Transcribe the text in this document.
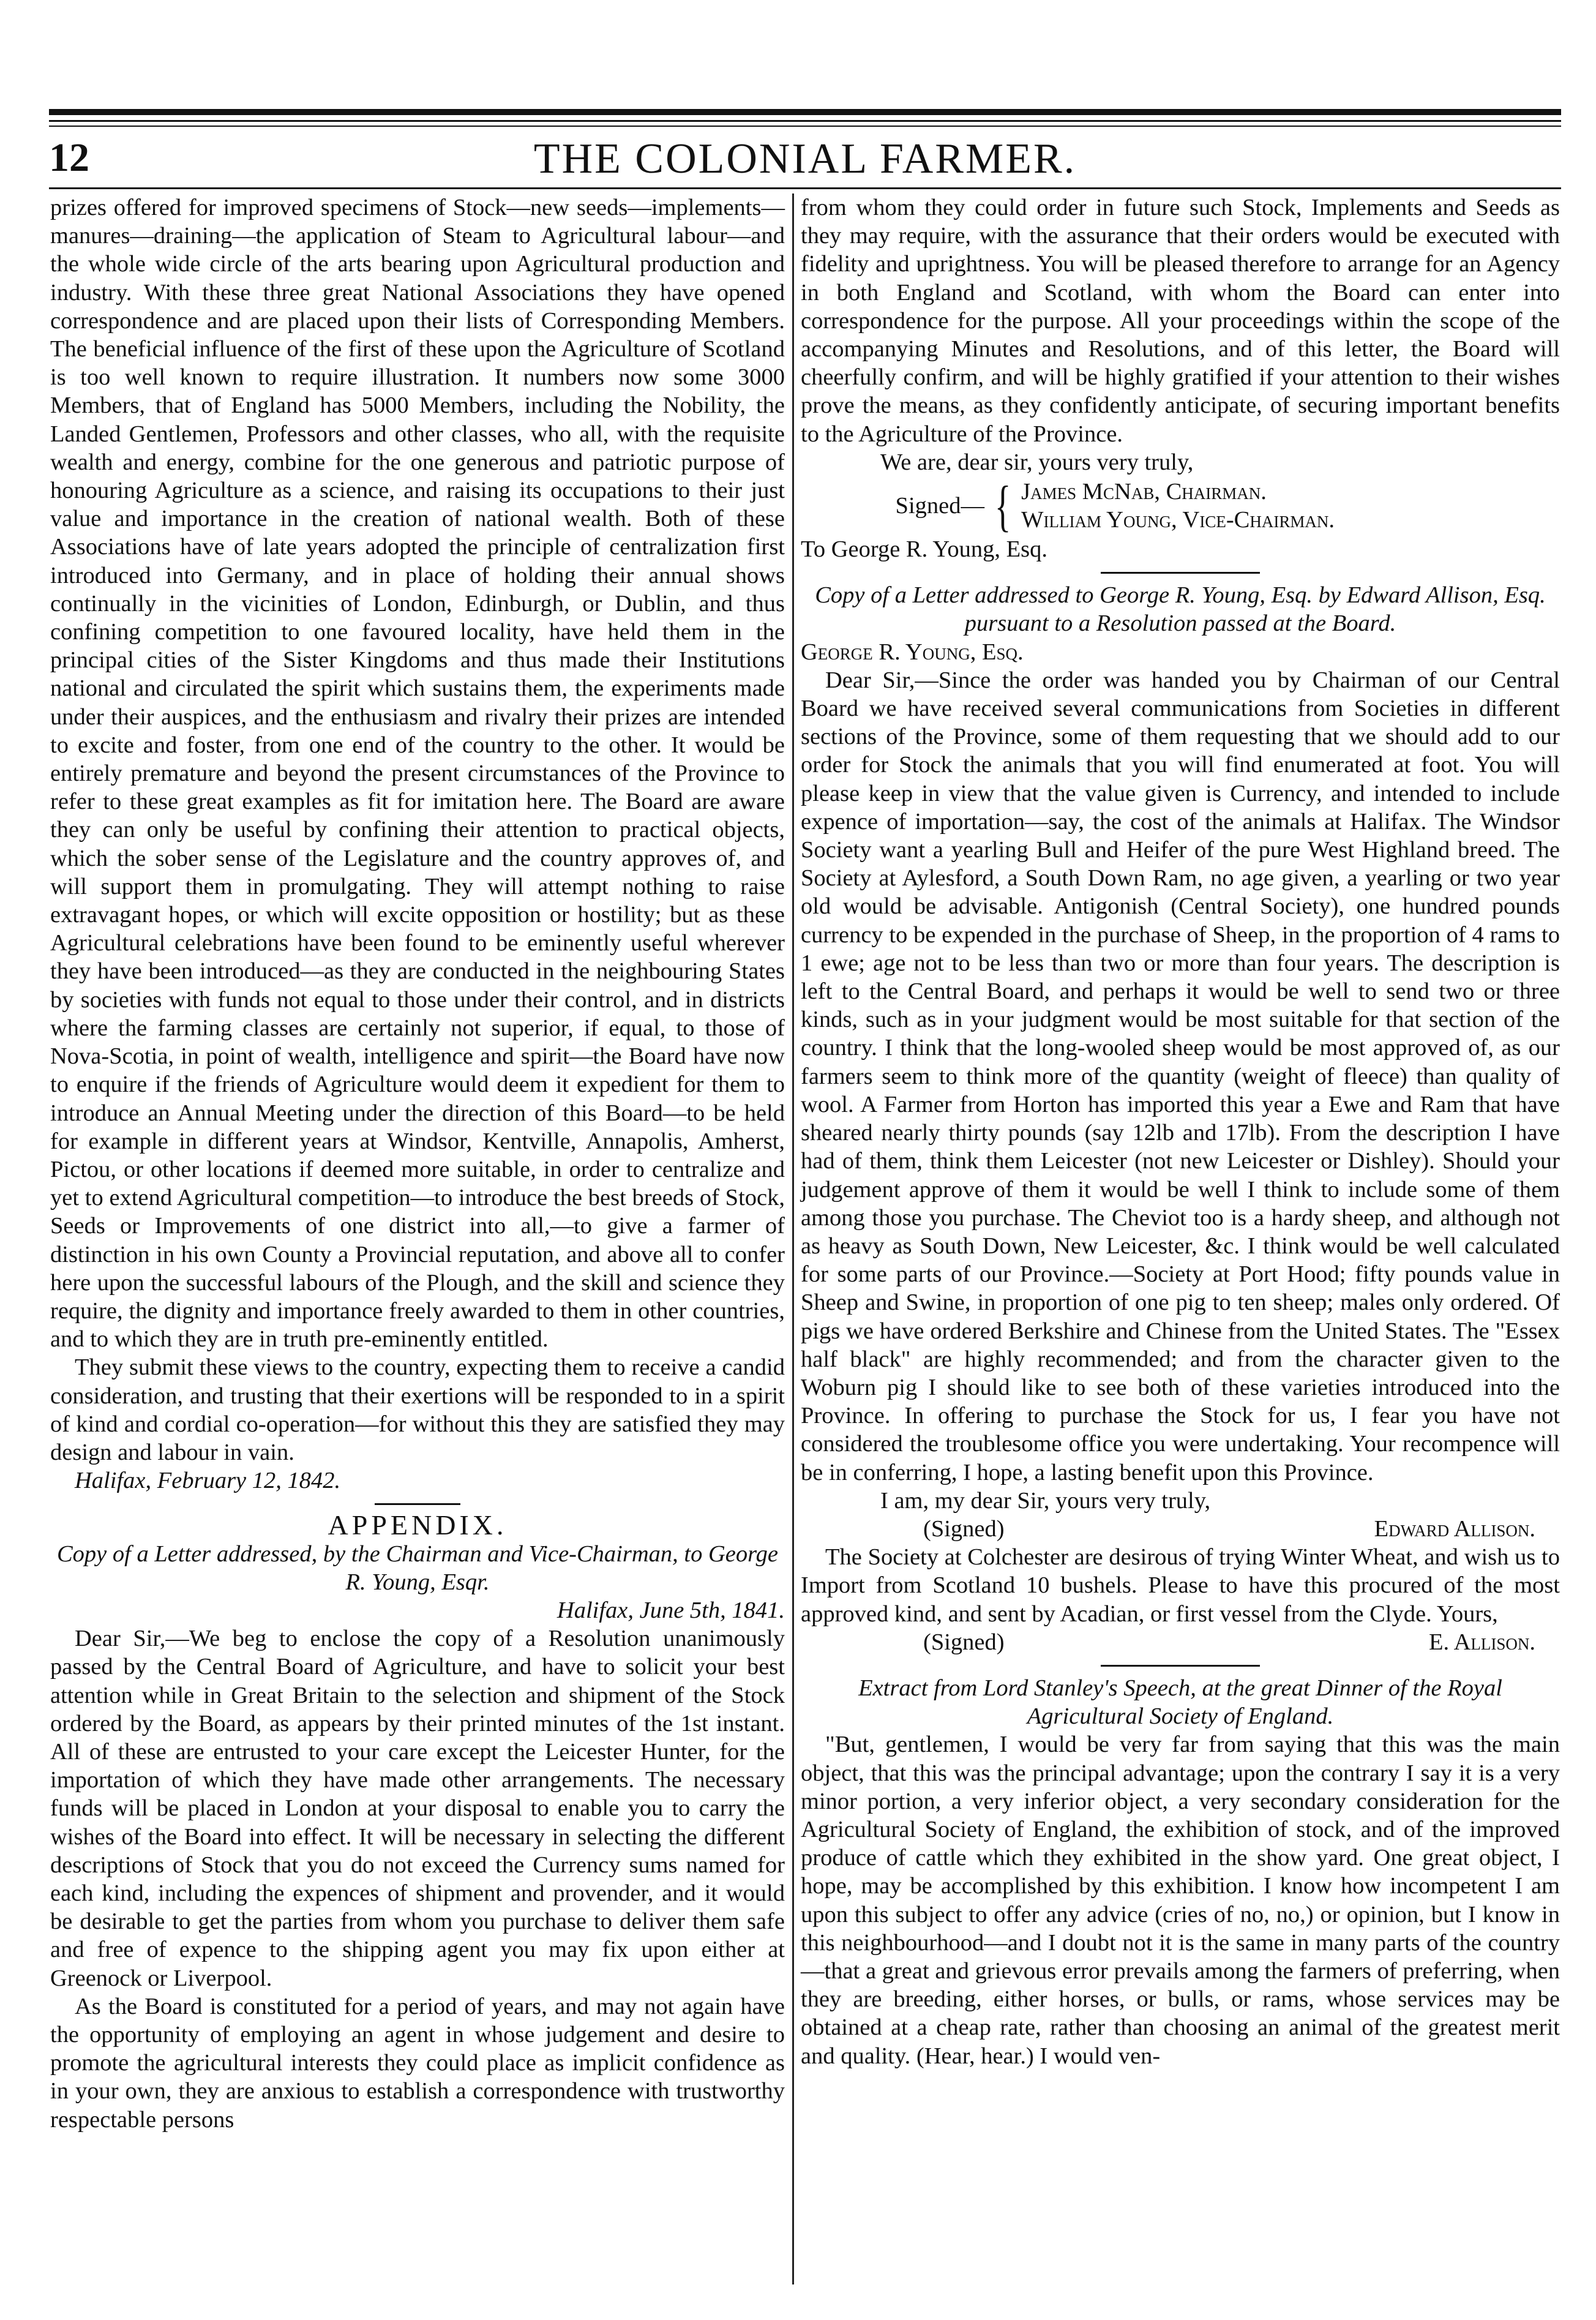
12	THE COLONIAL FARMER.

prizes offered for improved specimens of Stock—new seeds—implements—manures—draining—the application of Steam to Agricultural labour—and the whole wide circle of the arts bearing upon Agricultural production and industry. With these three great National Associations they have opened correspondence and are placed upon their lists of Corresponding Members. The beneficial influence of the first of these upon the Agriculture of Scotland is too well known to require illustration. It numbers now some 3000 Members, that of England has 5000 Members, including the Nobility, the Landed Gentlemen, Professors and other classes, who all, with the requisite wealth and energy, combine for the one generous and patriotic purpose of honouring Agriculture as a science, and raising its occupations to their just value and importance in the creation of national wealth. Both of these Associations have of late years adopted the principle of centralization first introduced into Germany, and in place of holding their annual shows continually in the vicinities of London, Edinburgh, or Dublin, and thus confining competition to one favoured locality, have held them in the principal cities of the Sister Kingdoms and thus made their Institutions national and circulated the spirit which sustains them, the experiments made under their auspices, and the enthusiasm and rivalry their prizes are intended to excite and foster, from one end of the country to the other. It would be entirely premature and beyond the present circumstances of the Province to refer to these great examples as fit for imitation here. The Board are aware they can only be useful by confining their attention to practical objects, which the sober sense of the Legislature and the country approves of, and will support them in promulgating. They will attempt nothing to raise extravagant hopes, or which will excite opposition or hostility; but as these Agricultural celebrations have been found to be eminently useful wherever they have been introduced—as they are conducted in the neighbouring States by societies with funds not equal to those under their control, and in districts where the farming classes are certainly not superior, if equal, to those of Nova-Scotia, in point of wealth, intelligence and spirit—the Board have now to enquire if the friends of Agriculture would deem it expedient for them to introduce an Annual Meeting under the direction of this Board—to be held for example in different years at Windsor, Kentville, Annapolis, Amherst, Pictou, or other locations if deemed more suitable, in order to centralize and yet to extend Agricultural competition—to introduce the best breeds of Stock, Seeds or Improvements of one district into all,—to give a farmer of distinction in his own County a Provincial reputation, and above all to confer here upon the successful labours of the Plough, and the skill and science they require, the dignity and importance freely awarded to them in other countries, and to which they are in truth pre-eminently entitled.

They submit these views to the country, expecting them to receive a candid consideration, and trusting that their exertions will be responded to in a spirit of kind and cordial co-operation—for without this they are satisfied they may design and labour in vain.

Halifax, February 12, 1842.

APPENDIX.

Copy of a Letter addressed, by the Chairman and Vice-Chairman, to George R. Young, Esqr.

Halifax, June 5th, 1841.

Dear Sir,—We beg to enclose the copy of a Resolution unanimously passed by the Central Board of Agriculture, and have to solicit your best attention while in Great Britain to the selection and shipment of the Stock ordered by the Board, as appears by their printed minutes of the 1st instant. All of these are entrusted to your care except the Leicester Hunter, for the importation of which they have made other arrangements. The necessary funds will be placed in London at your disposal to enable you to carry the wishes of the Board into effect. It will be necessary in selecting the different descriptions of Stock that you do not exceed the Currency sums named for each kind, including the expences of shipment and provender, and it would be desirable to get the parties from whom you purchase to deliver them safe and free of expence to the shipping agent you may fix upon either at Greenock or Liverpool.

As the Board is constituted for a period of years, and may not again have the opportunity of employing an agent in whose judgement and desire to promote the agricultural interests they could place as implicit confidence as in your own, they are anxious to establish a correspondence with trustworthy respectable persons

from whom they could order in future such Stock, Implements and Seeds as they may require, with the assurance that their orders would be executed with fidelity and uprightness. You will be pleased therefore to arrange for an Agency in both England and Scotland, with whom the Board can enter into correspondence for the purpose. All your proceedings within the scope of the accompanying Minutes and Resolutions, and of this letter, the Board will cheerfully confirm, and will be highly gratified if your attention to their wishes prove the means, as they confidently anticipate, of securing important benefits to the Agriculture of the Province.

We are, dear sir, yours very truly,

Signed— { James McNab, Chairman.
William Young, Vice-Chairman.

To George R. Young, Esq.

Copy of a Letter addressed to George R. Young, Esq. by Edward Allison, Esq. pursuant to a Resolution passed at the Board.

George R. Young, Esq.

Dear Sir,—Since the order was handed you by Chairman of our Central Board we have received several communications from Societies in different sections of the Province, some of them requesting that we should add to our order for Stock the animals that you will find enumerated at foot. You will please keep in view that the value given is Currency, and intended to include expence of importation—say, the cost of the animals at Halifax. The Windsor Society want a yearling Bull and Heifer of the pure West Highland breed. The Society at Aylesford, a South Down Ram, no age given, a yearling or two year old would be advisable. Antigonish (Central Society), one hundred pounds currency to be expended in the purchase of Sheep, in the proportion of 4 rams to 1 ewe; age not to be less than two or more than four years. The description is left to the Central Board, and perhaps it would be well to send two or three kinds, such as in your judgment would be most suitable for that section of the country. I think that the long-wooled sheep would be most approved of, as our farmers seem to think more of the quantity (weight of fleece) than quality of wool. A Farmer from Horton has imported this year a Ewe and Ram that have sheared nearly thirty pounds (say 12lb and 17lb). From the description I have had of them, think them Leicester (not new Leicester or Dishley). Should your judgement approve of them it would be well I think to include some of them among those you purchase. The Cheviot too is a hardy sheep, and although not as heavy as South Down, New Leicester, &c. I think would be well calculated for some parts of our Province.—Society at Port Hood; fifty pounds value in Sheep and Swine, in proportion of one pig to ten sheep; males only ordered. Of pigs we have ordered Berkshire and Chinese from the United States. The "Essex half black" are highly recommended; and from the character given to the Woburn pig I should like to see both of these varieties introduced into the Province. In offering to purchase the Stock for us, I fear you have not considered the troublesome office you were undertaking. Your recompence will be in conferring, I hope, a lasting benefit upon this Province.

I am, my dear Sir, yours very truly,

(Signed)	Edward Allison.

The Society at Colchester are desirous of trying Winter Wheat, and wish us to Import from Scotland 10 bushels. Please to have this procured of the most approved kind, and sent by Acadian, or first vessel from the Clyde. Yours,

(Signed)	E. Allison.

Extract from Lord Stanley's Speech, at the great Dinner of the Royal Agricultural Society of England.

"But, gentlemen, I would be very far from saying that this was the main object, that this was the principal advantage; upon the contrary I say it is a very minor portion, a very inferior object, a very secondary consideration for the Agricultural Society of England, the exhibition of stock, and of the improved produce of cattle which they exhibited in the show yard. One great object, I hope, may be accomplished by this exhibition. I know how incompetent I am upon this subject to offer any advice (cries of no, no,) or opinion, but I know in this neighbourhood—and I doubt not it is the same in many parts of the country—that a great and grievous error prevails among the farmers of preferring, when they are breeding, either horses, or bulls, or rams, whose services may be obtained at a cheap rate, rather than choosing an animal of the greatest merit and quality. (Hear, hear.) I would ven-
